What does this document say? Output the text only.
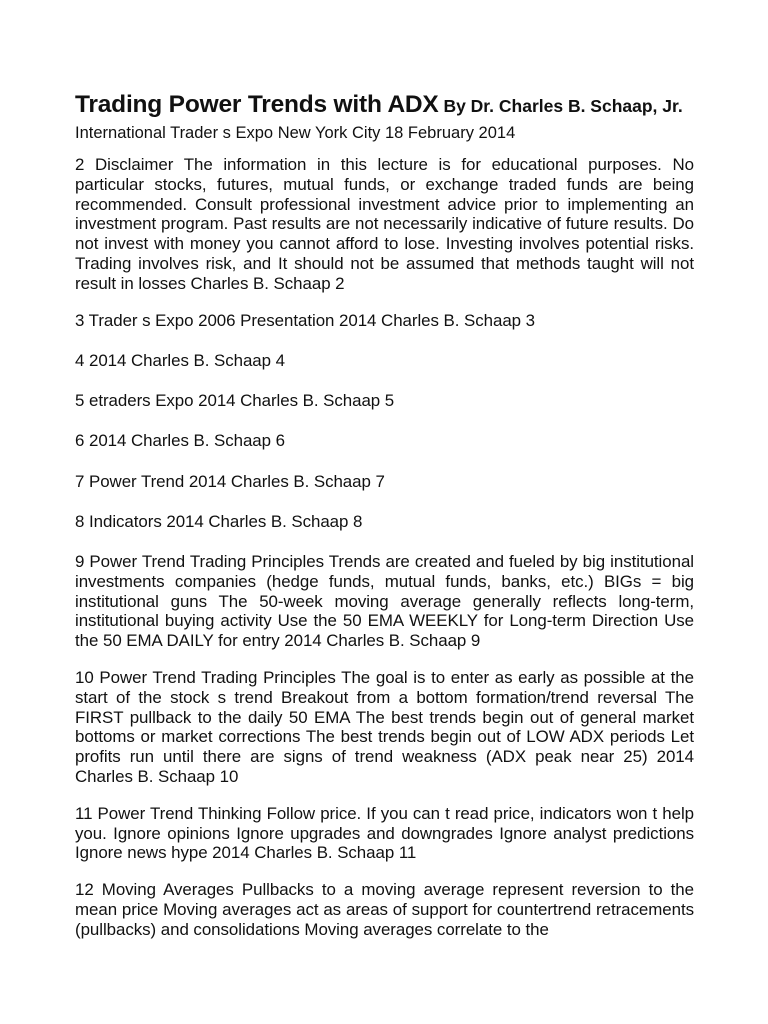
Trading Power Trends with ADX By Dr. Charles B. Schaap, Jr.

International Trader s Expo New York City 18 February 2014

2 Disclaimer The information in this lecture is for educational purposes. No particular stocks, futures, mutual funds, or exchange traded funds are being recommended. Consult professional investment advice prior to implementing an investment program. Past results are not necessarily indicative of future results. Do not invest with money you cannot afford to lose. Investing involves potential risks. Trading involves risk, and It should not be assumed that methods taught will not result in losses Charles B. Schaap 2

3 Trader s Expo 2006 Presentation 2014 Charles B. Schaap 3

4 2014 Charles B. Schaap 4

5 etraders Expo 2014 Charles B. Schaap 5

6 2014 Charles B. Schaap 6

7 Power Trend 2014 Charles B. Schaap 7

8 Indicators 2014 Charles B. Schaap 8

9 Power Trend Trading Principles Trends are created and fueled by big institutional investments companies (hedge funds, mutual funds, banks, etc.) BIGs = big institutional guns The 50-week moving average generally reflects long-term, institutional buying activity Use the 50 EMA WEEKLY for Long-term Direction Use the 50 EMA DAILY for entry 2014 Charles B. Schaap 9

10 Power Trend Trading Principles The goal is to enter as early as possible at the start of the stock s trend Breakout from a bottom formation/trend reversal The FIRST pullback to the daily 50 EMA The best trends begin out of general market bottoms or market corrections The best trends begin out of LOW ADX periods Let profits run until there are signs of trend weakness (ADX peak near 25) 2014 Charles B. Schaap 10

11 Power Trend Thinking Follow price. If you can t read price, indicators won t help you. Ignore opinions Ignore upgrades and downgrades Ignore analyst predictions Ignore news hype 2014 Charles B. Schaap 11

12 Moving Averages Pullbacks to a moving average represent reversion to the mean price Moving averages act as areas of support for countertrend retracements (pullbacks) and consolidations Moving averages correlate to the
